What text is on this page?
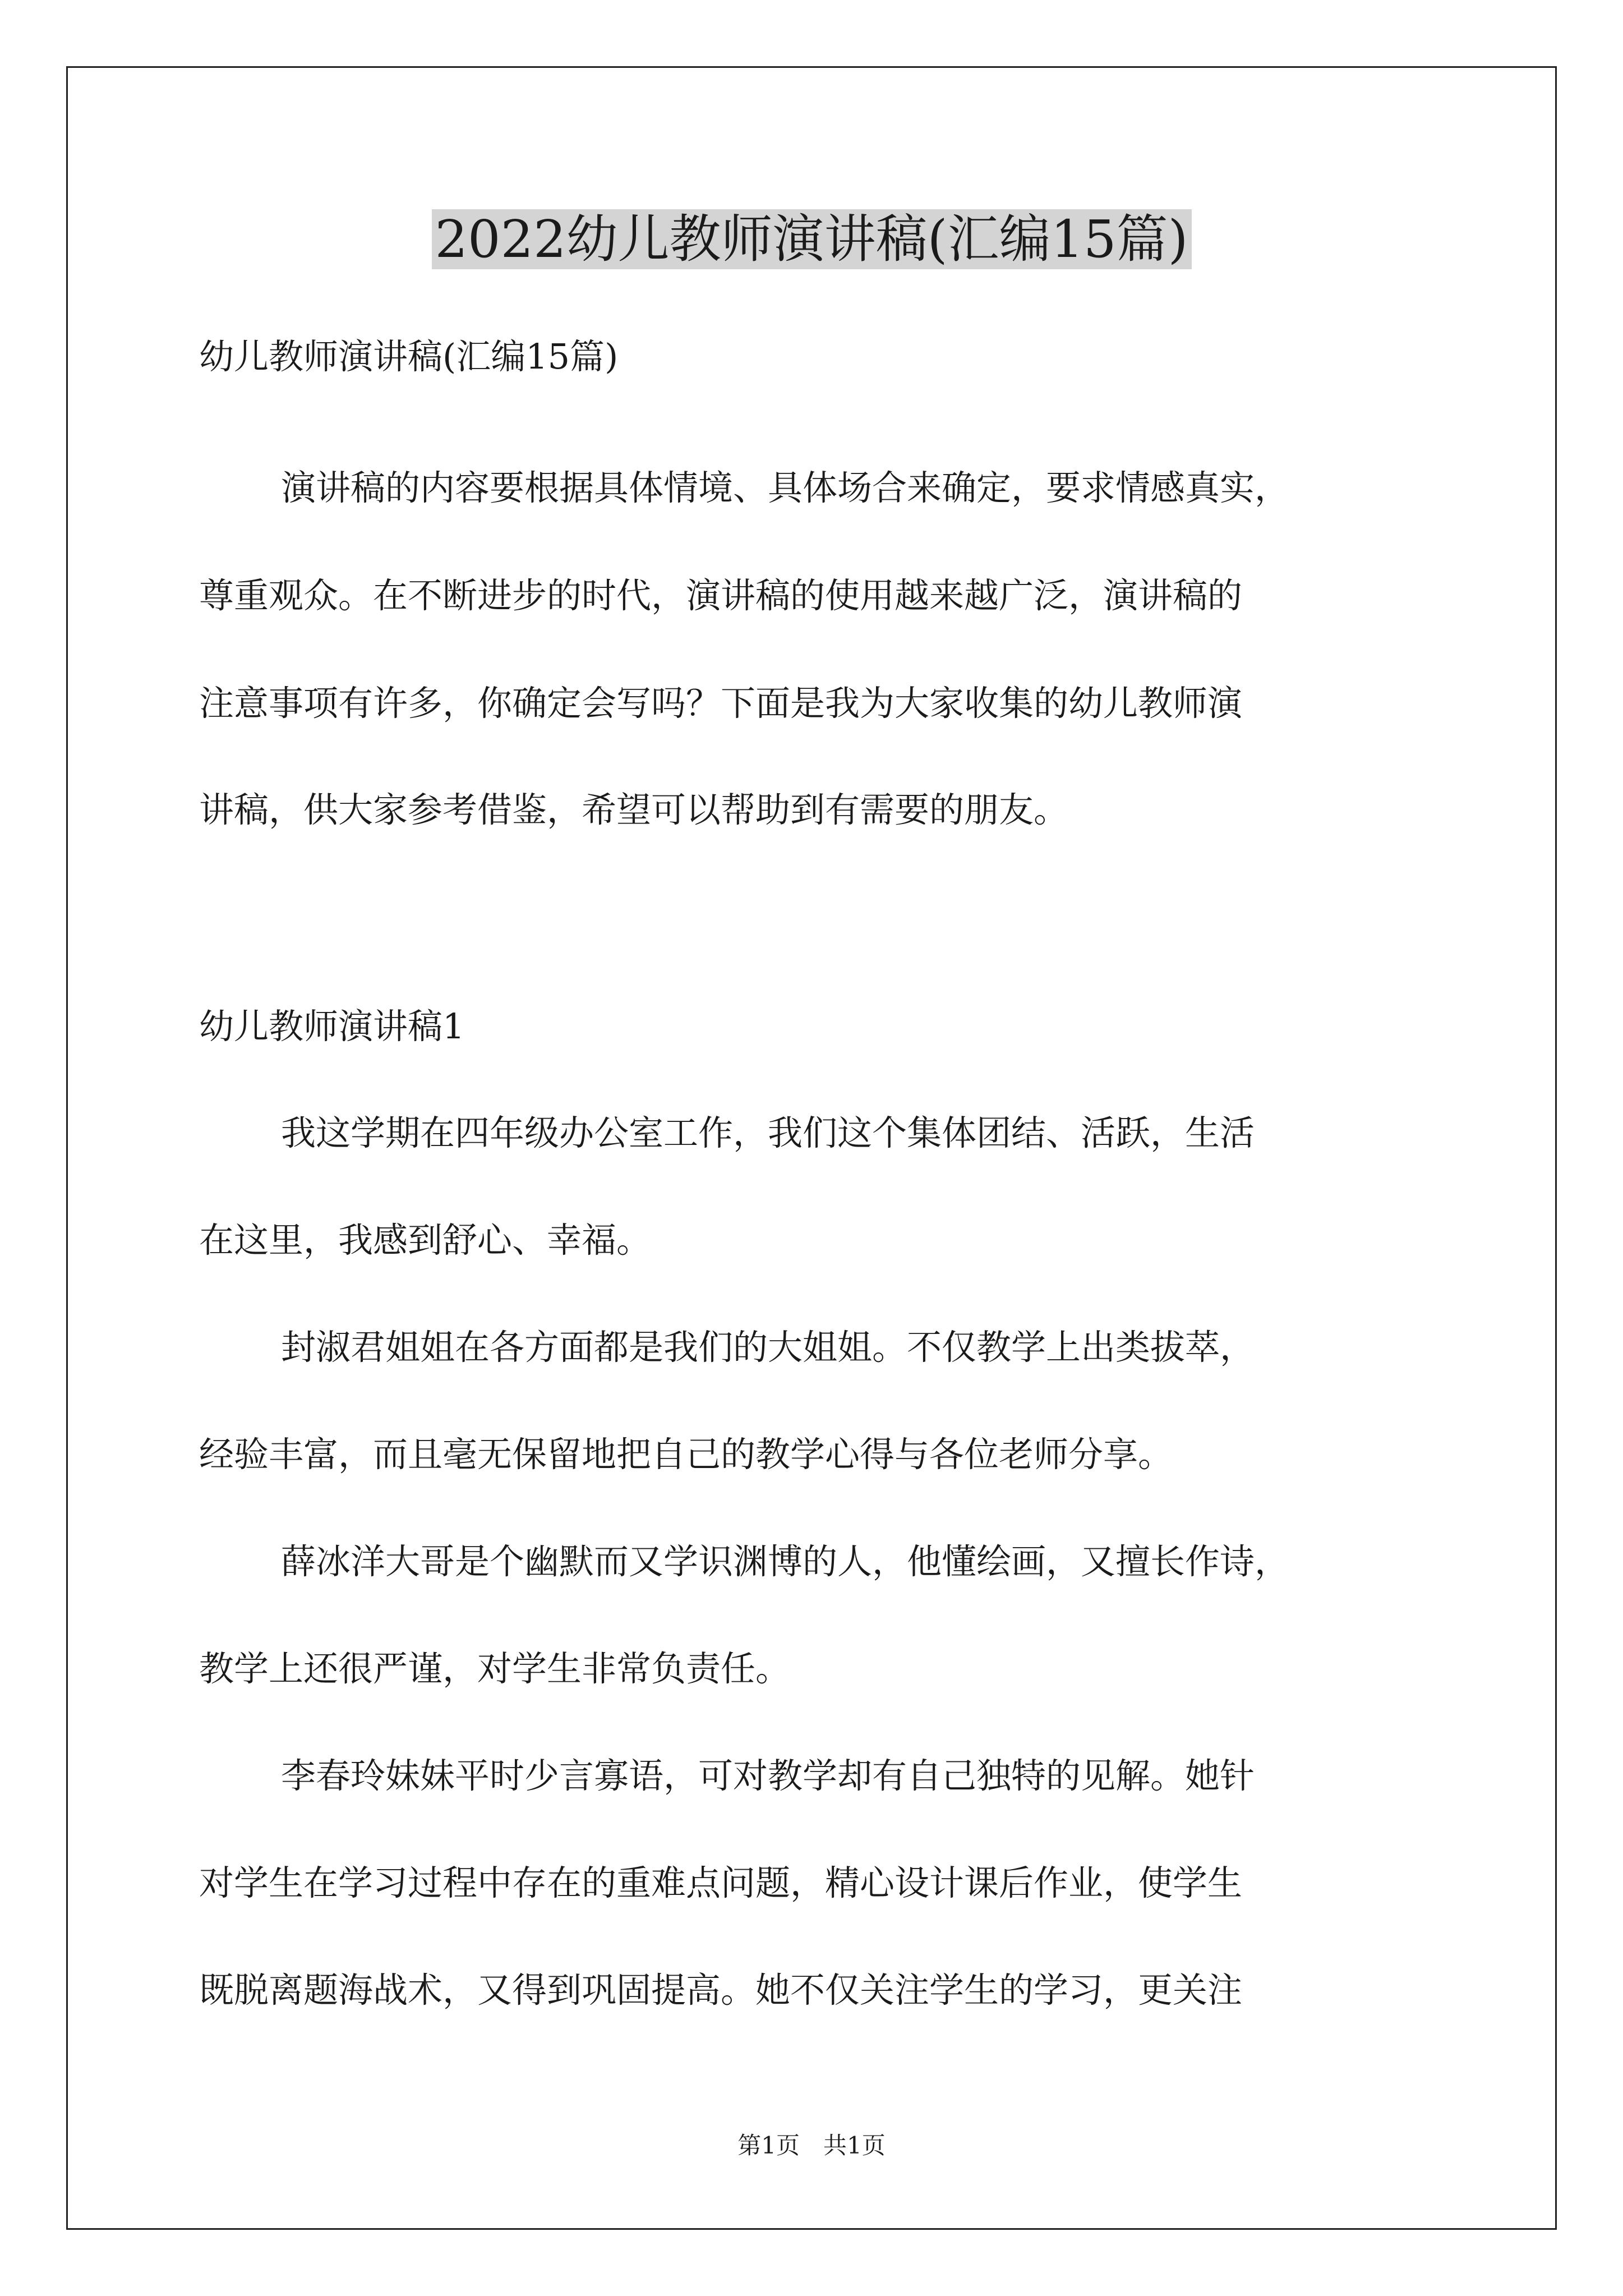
2022幼儿教师演讲稿(汇编15篇)
幼儿教师演讲稿(汇编15篇)
演讲稿的内容要根据具体情境、具体场合来确定，要求情感真实，
尊重观众。在不断进步的时代，演讲稿的使用越来越广泛，演讲稿的
注意事项有许多，你确定会写吗？下面是我为大家收集的幼儿教师演
讲稿，供大家参考借鉴，希望可以帮助到有需要的朋友。
幼儿教师演讲稿1
我这学期在四年级办公室工作，我们这个集体团结、活跃，生活
在这里，我感到舒心、幸福。
封淑君姐姐在各方面都是我们的大姐姐。不仅教学上出类拔萃，
经验丰富，而且毫无保留地把自己的教学心得与各位老师分享。
薛冰洋大哥是个幽默而又学识渊博的人，他懂绘画，又擅长作诗，
教学上还很严谨，对学生非常负责任。
李春玲妹妹平时少言寡语，可对教学却有自己独特的见解。她针
对学生在学习过程中存在的重难点问题，精心设计课后作业，使学生
既脱离题海战术，又得到巩固提高。她不仅关注学生的学习，更关注
第1页　共1页
